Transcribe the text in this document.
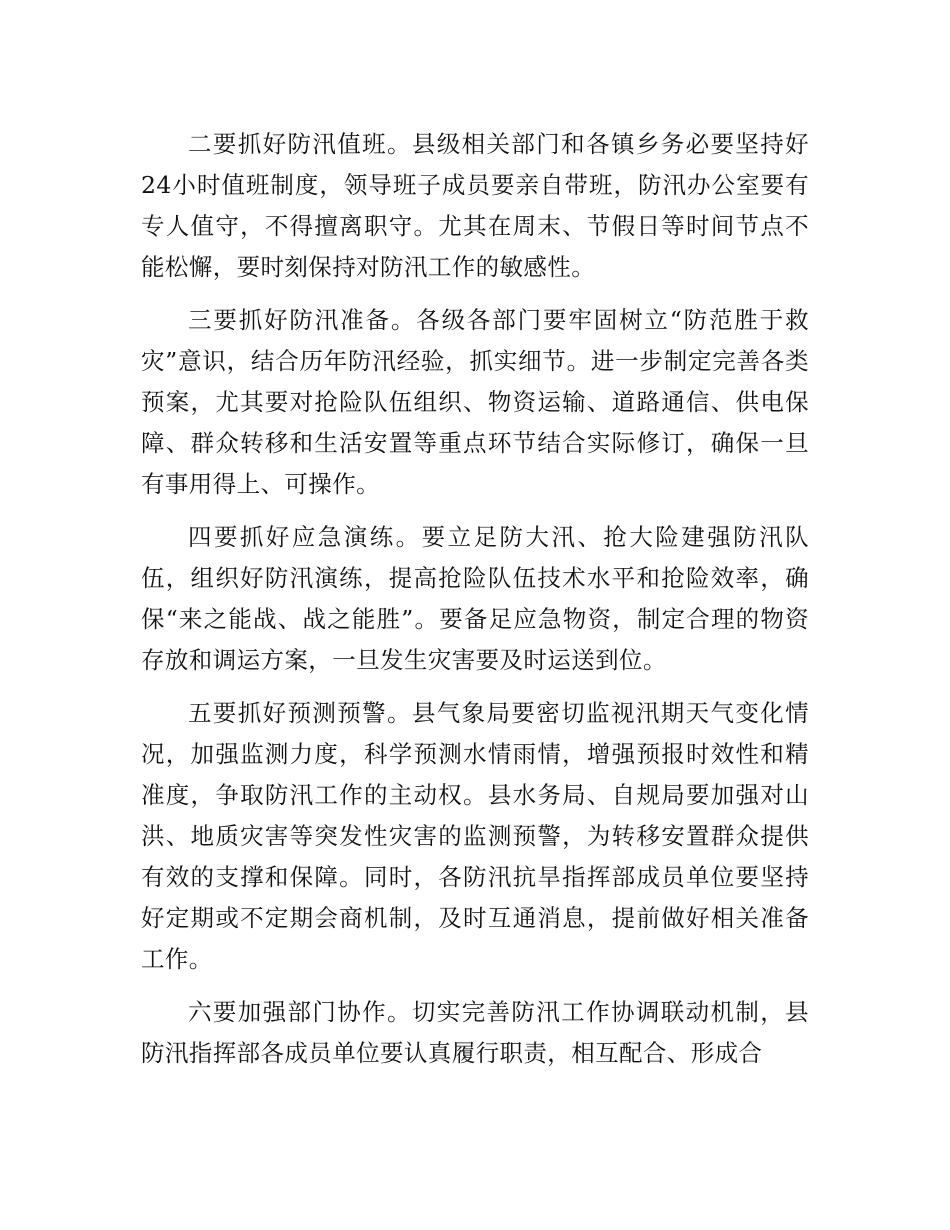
二要抓好防汛值班。县级相关部门和各镇乡务必要坚持好24小时值班制度，领导班子成员要亲自带班，防汛办公室要有专人值守，不得擅离职守。尤其在周末、节假日等时间节点不能松懈，要时刻保持对防汛工作的敏感性。

三要抓好防汛准备。各级各部门要牢固树立“防范胜于救灾”意识，结合历年防汛经验，抓实细节。进一步制定完善各类预案，尤其要对抢险队伍组织、物资运输、道路通信、供电保障、群众转移和生活安置等重点环节结合实际修订，确保一旦有事用得上、可操作。

四要抓好应急演练。要立足防大汛、抢大险建强防汛队伍，组织好防汛演练，提高抢险队伍技术水平和抢险效率，确保“来之能战、战之能胜”。要备足应急物资，制定合理的物资存放和调运方案，一旦发生灾害要及时运送到位。

五要抓好预测预警。县气象局要密切监视汛期天气变化情况，加强监测力度，科学预测水情雨情，增强预报时效性和精准度，争取防汛工作的主动权。县水务局、自规局要加强对山洪、地质灾害等突发性灾害的监测预警，为转移安置群众提供有效的支撑和保障。同时，各防汛抗旱指挥部成员单位要坚持好定期或不定期会商机制，及时互通消息，提前做好相关准备工作。

六要加强部门协作。切实完善防汛工作协调联动机制，县防汛指挥部各成员单位要认真履行职责，相互配合、形成合
